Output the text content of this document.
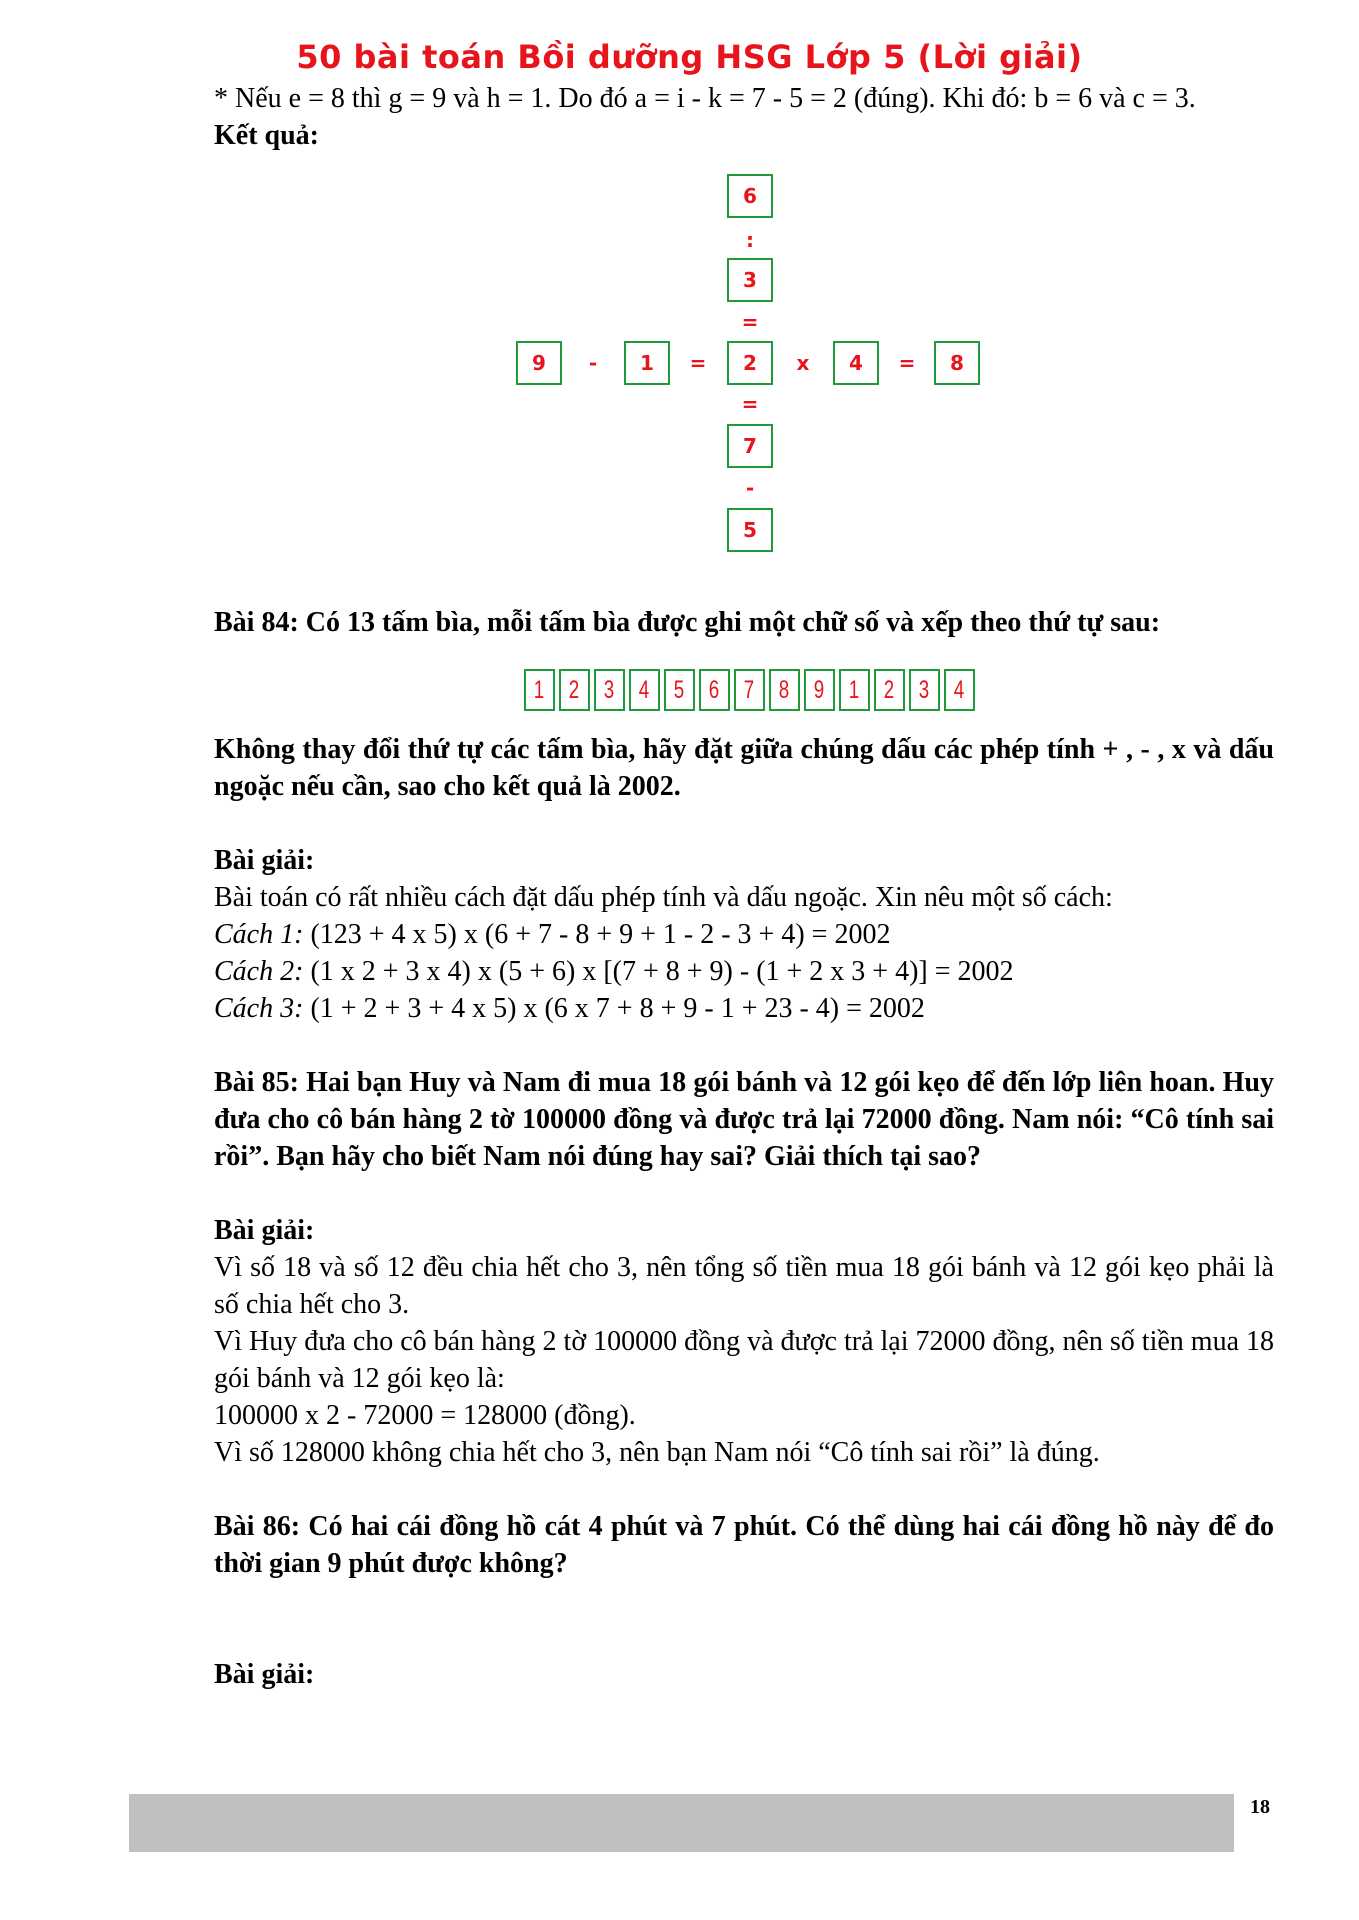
50 bài toán Bồi dưỡng HSG Lớp 5 (Lời giải)

* Nếu e = 8 thì g = 9 và h = 1. Do đó a = i - k = 7 - 5 = 2 (đúng). Khi đó: b = 6 và c = 3.

Kết quả:

6
:
3
=
9	-	1	=	2	x	4	=	8
=
7
-
5

Bài 84: Có 13 tấm bìa, mỗi tấm bìa được ghi một chữ số và xếp theo thứ tự sau:

1 2 3 4 5 6 7 8 9 1 2 3 4

Không thay đổi thứ tự các tấm bìa, hãy đặt giữa chúng dấu các phép tính + , - , x và dấu ngoặc nếu cần, sao cho kết quả là 2002.

Bài giải:

Bài toán có rất nhiều cách đặt dấu phép tính và dấu ngoặc. Xin nêu một số cách:

Cách 1: (123 + 4 x 5) x (6 + 7 - 8 + 9 + 1 - 2 - 3 + 4) = 2002

Cách 2: (1 x 2 + 3 x 4) x (5 + 6) x [(7 + 8 + 9) - (1 + 2 x 3 + 4)] = 2002

Cách 3: (1 + 2 + 3 + 4 x 5) x (6 x 7 + 8 + 9 - 1 + 23 - 4) = 2002

Bài 85: Hai bạn Huy và Nam đi mua 18 gói bánh và 12 gói kẹo để đến lớp liên hoan. Huy đưa cho cô bán hàng 2 tờ 100000 đồng và được trả lại 72000 đồng. Nam nói: “Cô tính sai rồi”. Bạn hãy cho biết Nam nói đúng hay sai? Giải thích tại sao?

Bài giải:

Vì số 18 và số 12 đều chia hết cho 3, nên tổng số tiền mua 18 gói bánh và 12 gói kẹo phải là số chia hết cho 3.

Vì Huy đưa cho cô bán hàng 2 tờ 100000 đồng và được trả lại 72000 đồng, nên số tiền mua 18 gói bánh và 12 gói kẹo là:

100000 x 2 - 72000 = 128000 (đồng).

Vì số 128000 không chia hết cho 3, nên bạn Nam nói “Cô tính sai rồi” là đúng.

Bài 86: Có hai cái đồng hồ cát 4 phút và 7 phút. Có thể dùng hai cái đồng hồ này để đo thời gian 9 phút được không?

Bài giải:

18
